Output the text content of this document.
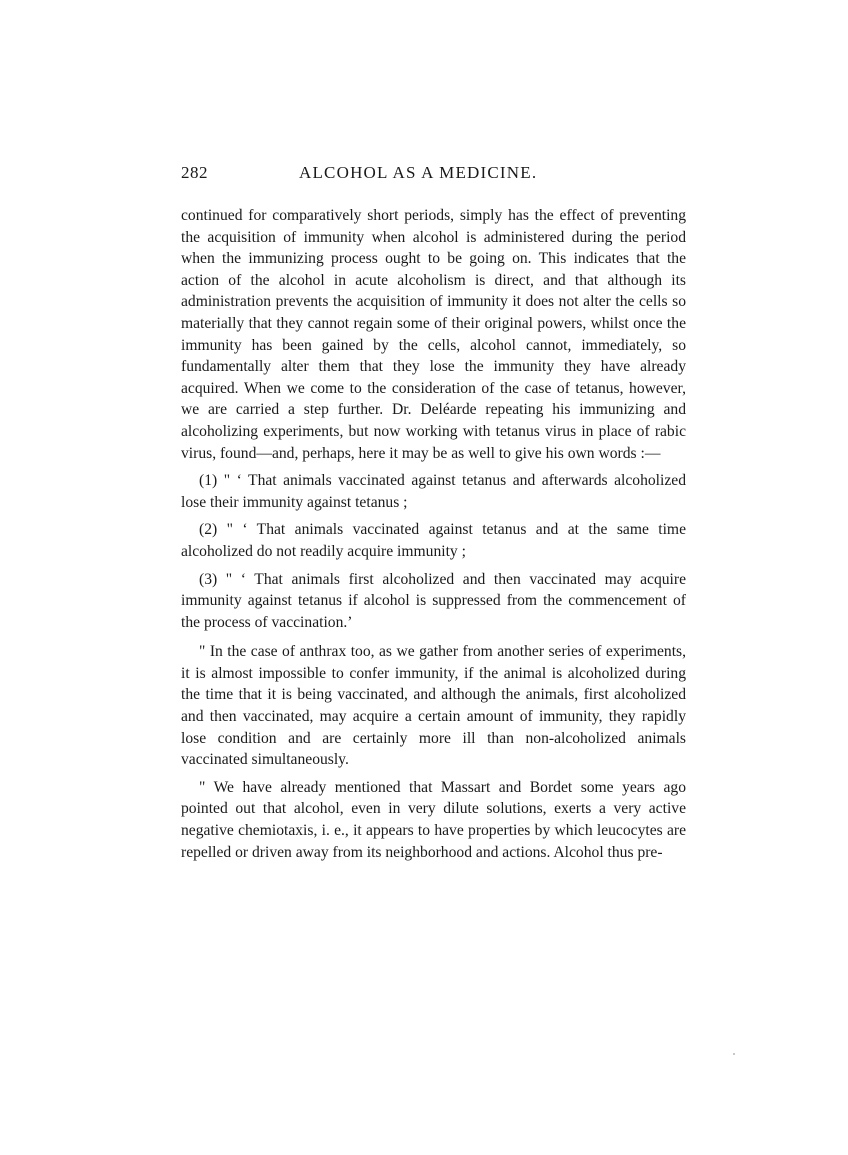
282	ALCOHOL AS A MEDICINE.

continued for comparatively short periods, simply has the effect of preventing the acquisition of immunity when alcohol is administered during the period when the immunizing process ought to be going on. This indicates that the action of the alcohol in acute alcoholism is direct, and that although its administration prevents the acquisition of immunity it does not alter the cells so materially that they cannot regain some of their original powers, whilst once the immunity has been gained by the cells, alcohol cannot, immediately, so fundamentally alter them that they lose the immunity they have already acquired. When we come to the consideration of the case of tetanus, however, we are carried a step further. Dr. Deléarde repeating his immunizing and alcoholizing experiments, but now working with tetanus virus in place of rabic virus, found—and, perhaps, here it may be as well to give his own words :—

(1) " ‘ That animals vaccinated against tetanus and afterwards alcoholized lose their immunity against tetanus ;

(2) " ‘ That animals vaccinated against tetanus and at the same time alcoholized do not readily acquire immunity ;

(3) " ‘ That animals first alcoholized and then vaccinated may acquire immunity against tetanus if alcohol is suppressed from the commencement of the process of vaccination.’

" In the case of anthrax too, as we gather from another series of experiments, it is almost impossible to confer immunity, if the animal is alcoholized during the time that it is being vaccinated, and although the animals, first alcoholized and then vaccinated, may acquire a certain amount of immunity, they rapidly lose condition and are certainly more ill than non-alcoholized animals vaccinated simultaneously.

" We have already mentioned that Massart and Bordet some years ago pointed out that alcohol, even in very dilute solutions, exerts a very active negative chemiotaxis, i. e., it appears to have properties by which leucocytes are repelled or driven away from its neighborhood and actions. Alcohol thus pre-
